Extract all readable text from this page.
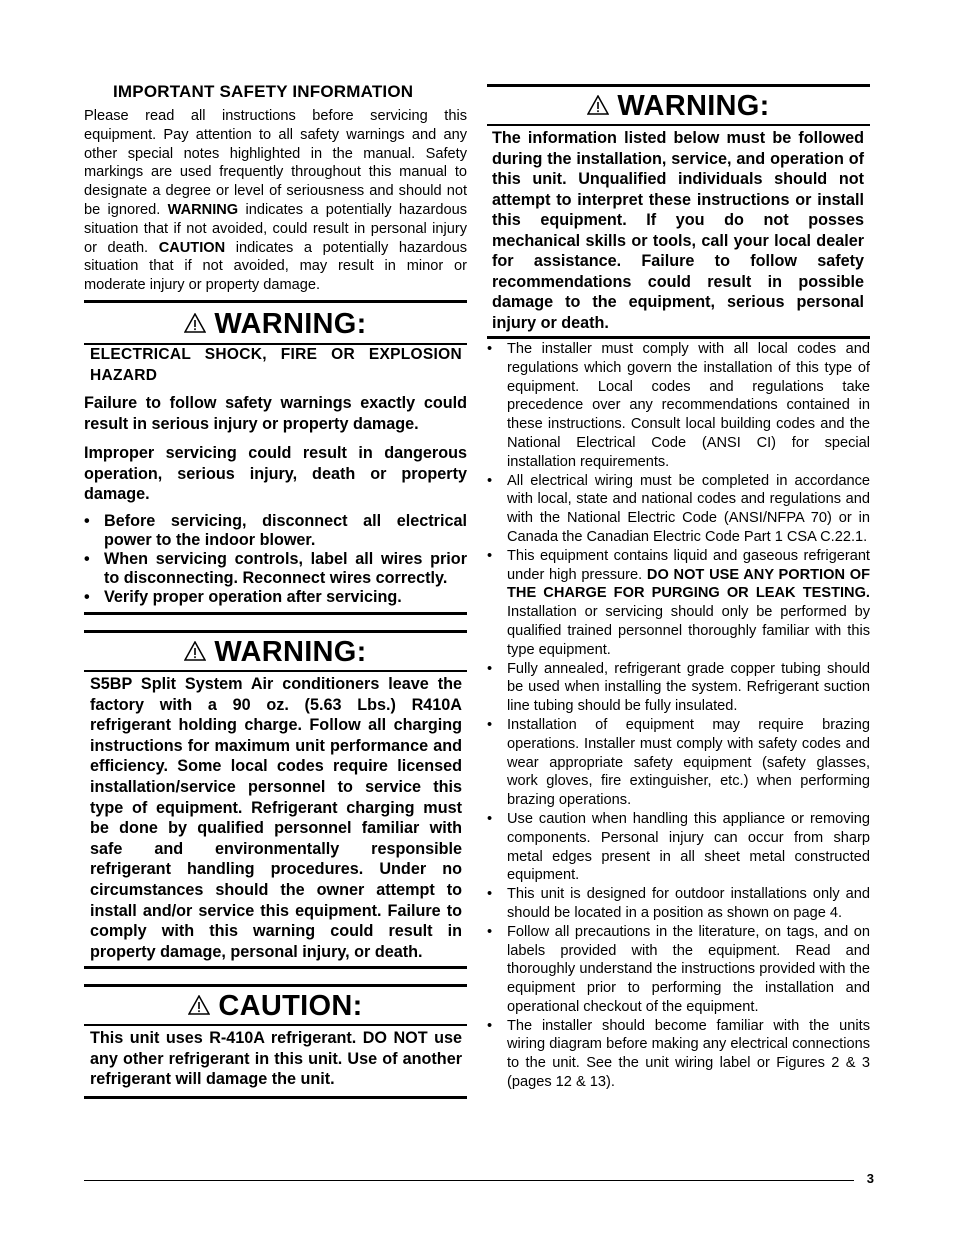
IMPORTANT SAFETY INFORMATION
Please read all instructions before servicing this equipment. Pay attention to all safety warnings and any other special notes highlighted in the manual. Safety markings are used frequently throughout this manual to designate a degree or level of seriousness and should not be ignored. WARNING indicates a potentially hazardous situation that if not avoided, could result in personal injury or death. CAUTION indicates a potentially hazardous situation that if not avoided, may result in minor or moderate injury or property damage.
WARNING:
ELECTRICAL SHOCK, FIRE OR EXPLOSION HAZARD
Failure to follow safety warnings exactly could result in serious injury or property damage.
Improper servicing could result in dangerous operation, serious injury, death or property damage.
• Before servicing, disconnect all electrical power to the indoor blower.
• When servicing controls, label all wires prior to disconnecting. Reconnect wires correctly.
• Verify proper operation after servicing.
WARNING:
S5BP Split System Air conditioners leave the factory with a 90 oz. (5.63 Lbs.) R410A refrigerant holding charge. Follow all charging instructions for maximum unit performance and efficiency. Some local codes require licensed installation/service personnel to service this type of equipment. Refrigerant charging must be done by qualified personnel familiar with safe and environmentally responsible refrigerant handling procedures. Under no circumstances should the owner attempt to install and/or service this equipment. Failure to comply with this warning could result in property damage, personal injury, or death.
CAUTION:
This unit uses R-410A refrigerant. DO NOT use any other refrigerant in this unit. Use of another refrigerant will damage the unit.
WARNING:
The information listed below must be followed during the installation, service, and operation of this unit. Unqualified individuals should not attempt to interpret these instructions or install this equipment. If you do not posses mechanical skills or tools, call your local dealer for assistance. Failure to follow safety recommendations could result in possible damage to the equipment, serious personal injury or death.
• The installer must comply with all local codes and regulations which govern the installation of this type of equipment. Local codes and regulations take precedence over any recommendations contained in these instructions. Consult local building codes and the National Electrical Code (ANSI CI) for special installation requirements.
• All electrical wiring must be completed in accordance with local, state and national codes and regulations and with the National Electric Code (ANSI/NFPA 70) or in Canada the Canadian Electric Code Part 1 CSA C.22.1.
• This equipment contains liquid and gaseous refrigerant under high pressure. DO NOT USE ANY PORTION OF THE CHARGE FOR PURGING OR LEAK TESTING. Installation or servicing should only be performed by qualified trained personnel thoroughly familiar with this type equipment.
• Fully annealed, refrigerant grade copper tubing should be used when installing the system. Refrigerant suction line tubing should be fully insulated.
• Installation of equipment may require brazing operations. Installer must comply with safety codes and wear appropriate safety equipment (safety glasses, work gloves, fire extinguisher, etc.) when performing brazing operations.
• Use caution when handling this appliance or removing components. Personal injury can occur from sharp metal edges present in all sheet metal constructed equipment.
• This unit is designed for outdoor installations only and should be located in a position as shown on page 4.
• Follow all precautions in the literature, on tags, and on labels provided with the equipment. Read and thoroughly understand the instructions provided with the equipment prior to performing the installation and operational checkout of the equipment.
• The installer should become familiar with the units wiring diagram before making any electrical connections to the unit. See the unit wiring label or Figures 2 & 3 (pages 12 & 13).
3
